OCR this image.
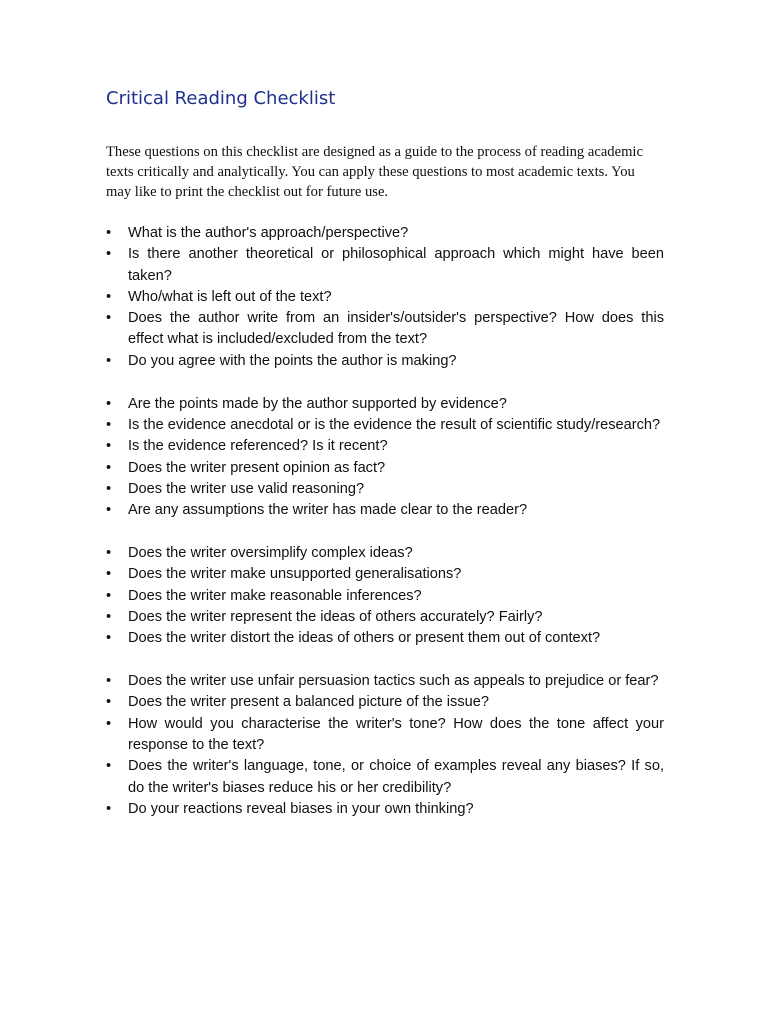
Critical Reading Checklist

These questions on this checklist are designed as a guide to the process of reading academic texts critically and analytically. You can apply these questions to most academic texts. You may like to print the checklist out for future use.

• What is the author's approach/perspective?
• Is there another theoretical or philosophical approach which might have been taken?
• Who/what is left out of the text?
• Does the author write from an insider's/outsider's perspective? How does this effect what is included/excluded from the text?
• Do you agree with the points the author is making?
• Are the points made by the author supported by evidence?
• Is the evidence anecdotal or is the evidence the result of scientific study/research?
• Is the evidence referenced? Is it recent?
• Does the writer present opinion as fact?
• Does the writer use valid reasoning?
• Are any assumptions the writer has made clear to the reader?
• Does the writer oversimplify complex ideas?
• Does the writer make unsupported generalisations?
• Does the writer make reasonable inferences?
• Does the writer represent the ideas of others accurately? Fairly?
• Does the writer distort the ideas of others or present them out of context?
• Does the writer use unfair persuasion tactics such as appeals to prejudice or fear?
• Does the writer present a balanced picture of the issue?
• How would you characterise the writer's tone? How does the tone affect your response to the text?
• Does the writer's language, tone, or choice of examples reveal any biases? If so, do the writer's biases reduce his or her credibility?
• Do your reactions reveal biases in your own thinking?
